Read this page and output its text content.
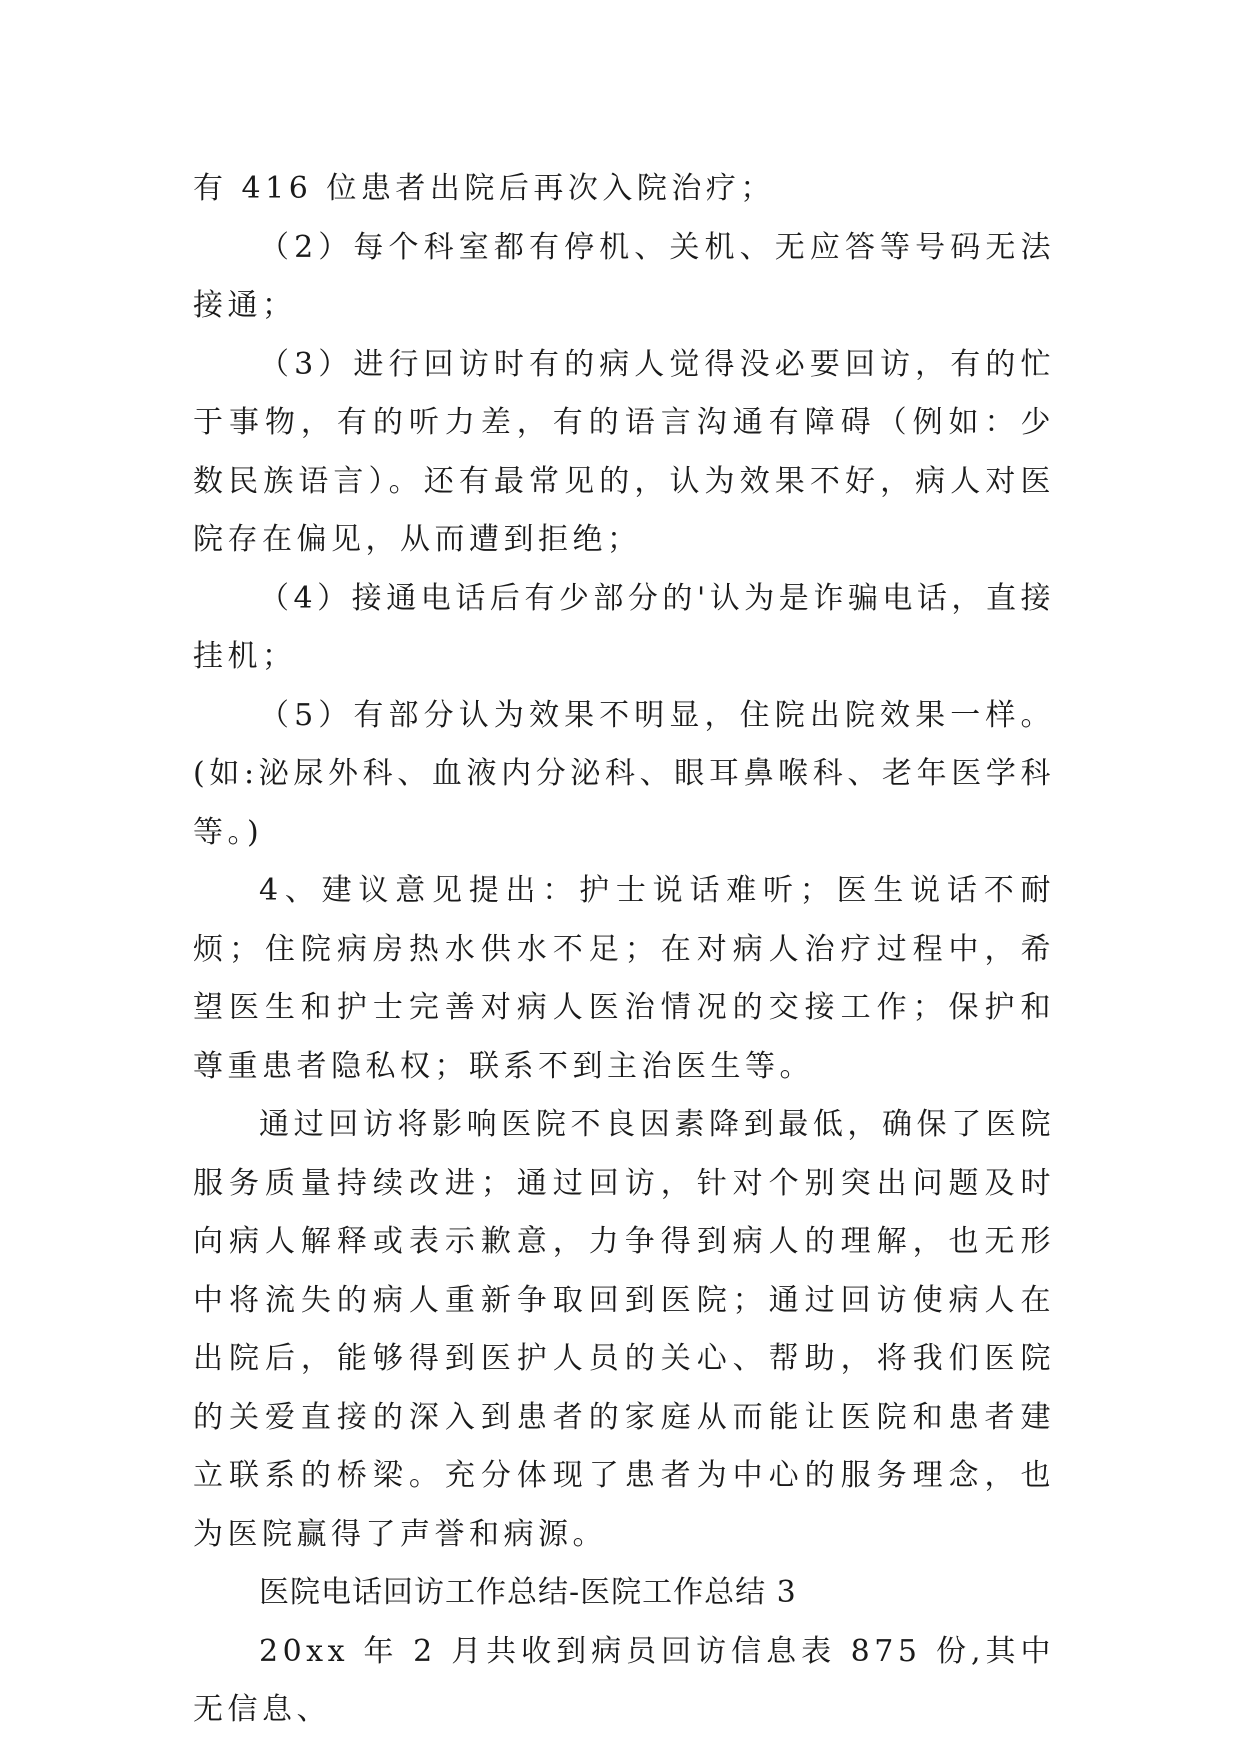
有 416 位患者出院后再次入院治疗；

（2）每个科室都有停机、关机、无应答等号码无法接通；

（3）进行回访时有的病人觉得没必要回访，有的忙于事物，有的听力差，有的语言沟通有障碍（例如：少数民族语言）。还有最常见的，认为效果不好，病人对医院存在偏见，从而遭到拒绝；

（4）接通电话后有少部分的'认为是诈骗电话，直接挂机；

（5）有部分认为效果不明显，住院出院效果一样。(如:泌尿外科、血液内分泌科、眼耳鼻喉科、老年医学科等。)

4、建议意见提出：护士说话难听；医生说话不耐烦；住院病房热水供水不足；在对病人治疗过程中，希望医生和护士完善对病人医治情况的交接工作；保护和尊重患者隐私权；联系不到主治医生等。

通过回访将影响医院不良因素降到最低，确保了医院服务质量持续改进；通过回访，针对个别突出问题及时向病人解释或表示歉意，力争得到病人的理解，也无形中将流失的病人重新争取回到医院；通过回访使病人在出院后，能够得到医护人员的关心、帮助，将我们医院的关爱直接的深入到患者的家庭从而能让医院和患者建立联系的桥梁。充分体现了患者为中心的服务理念，也为医院赢得了声誉和病源。

医院电话回访工作总结-医院工作总结 3

20xx 年 2 月共收到病员回访信息表 875 份,其中无信息、
